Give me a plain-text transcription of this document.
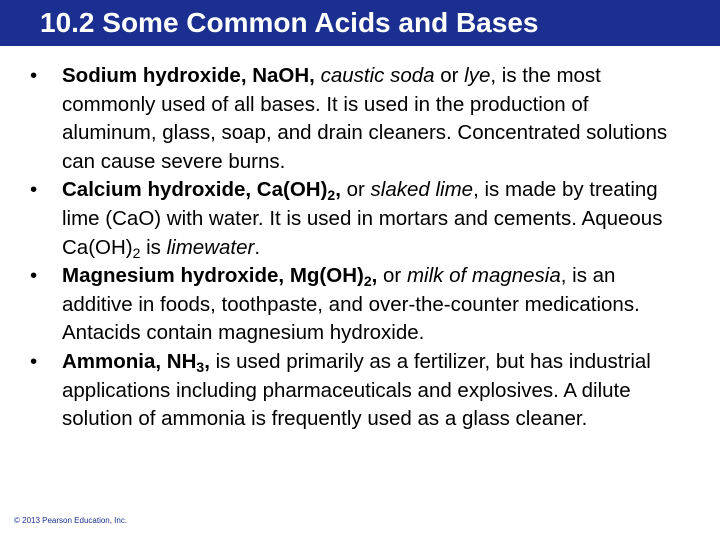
10.2 Some Common Acids and Bases
• Sodium hydroxide, NaOH, caustic soda or lye, is the most commonly used of all bases. It is used in the production of aluminum, glass, soap, and drain cleaners. Concentrated solutions can cause severe burns.
• Calcium hydroxide, $Ca(OH)_2$, or slaked lime, is made by treating lime (CaO) with water. It is used in mortars and cements. Aqueous $Ca(OH)_2$ is limewater.
• Magnesium hydroxide, $Mg(OH)_2$, or milk of magnesia, is an additive in foods, toothpaste, and over-the-counter medications. Antacids contain magnesium hydroxide.
• Ammonia, $NH_3$, is used primarily as a fertilizer, but has industrial applications including pharmaceuticals and explosives. A dilute solution of ammonia is frequently used as a glass cleaner.
© 2013 Pearson Education, Inc.
